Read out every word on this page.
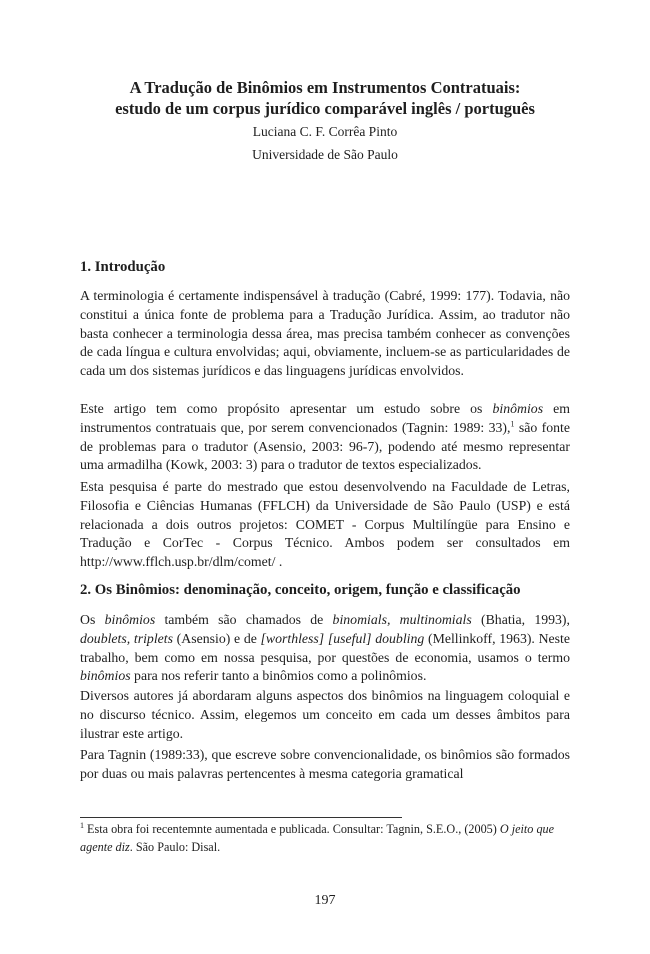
A Tradução de Binômios em Instrumentos Contratuais:
estudo de um corpus jurídico comparável inglês / português
Luciana C. F. Corrêa Pinto
Universidade de São Paulo
1. Introdução

A terminologia é certamente indispensável à tradução (Cabré, 1999: 177). Todavia, não constitui a única fonte de problema para a Tradução Jurídica. Assim, ao tradutor não basta conhecer a terminologia dessa área, mas precisa também conhecer as convenções de cada língua e cultura envolvidas; aqui, obviamente, incluem-se as particularidades de cada um dos sistemas jurídicos e das linguagens jurídicas envolvidos.

Este artigo tem como propósito apresentar um estudo sobre os binômios em instrumentos contratuais que, por serem convencionados (Tagnin: 1989: 33),$^1$ são fonte de problemas para o tradutor (Asensio, 2003: 96-7), podendo até mesmo representar uma armadilha (Kowk, 2003: 3) para o tradutor de textos especializados.

Esta pesquisa é parte do mestrado que estou desenvolvendo na Faculdade de Letras, Filosofia e Ciências Humanas (FFLCH) da Universidade de São Paulo (USP) e está relacionada a dois outros projetos: COMET - Corpus Multilíngüe para Ensino e Tradução e CorTec - Corpus Técnico. Ambos podem ser consultados em http://www.fflch.usp.br/dlm/comet/ .

2. Os Binômios: denominação, conceito, origem, função e classificação

Os binômios também são chamados de binomials, multinomials (Bhatia, 1993), doublets, triplets (Asensio) e de [worthless] [useful] doubling (Mellinkoff, 1963). Neste trabalho, bem como em nossa pesquisa, por questões de economia, usamos o termo binômios para nos referir tanto a binômios como a polinômios.

Diversos autores já abordaram alguns aspectos dos binômios na linguagem coloquial e no discurso técnico. Assim, elegemos um conceito em cada um desses âmbitos para ilustrar este artigo.

Para Tagnin (1989:33), que escreve sobre convencionalidade, os binômios são formados por duas ou mais palavras pertencentes à mesma categoria gramatical

$^1$ Esta obra foi recentemnte aumentada e publicada. Consultar: Tagnin, S.E.O., (2005) O jeito que agente diz. São Paulo: Disal.
197
